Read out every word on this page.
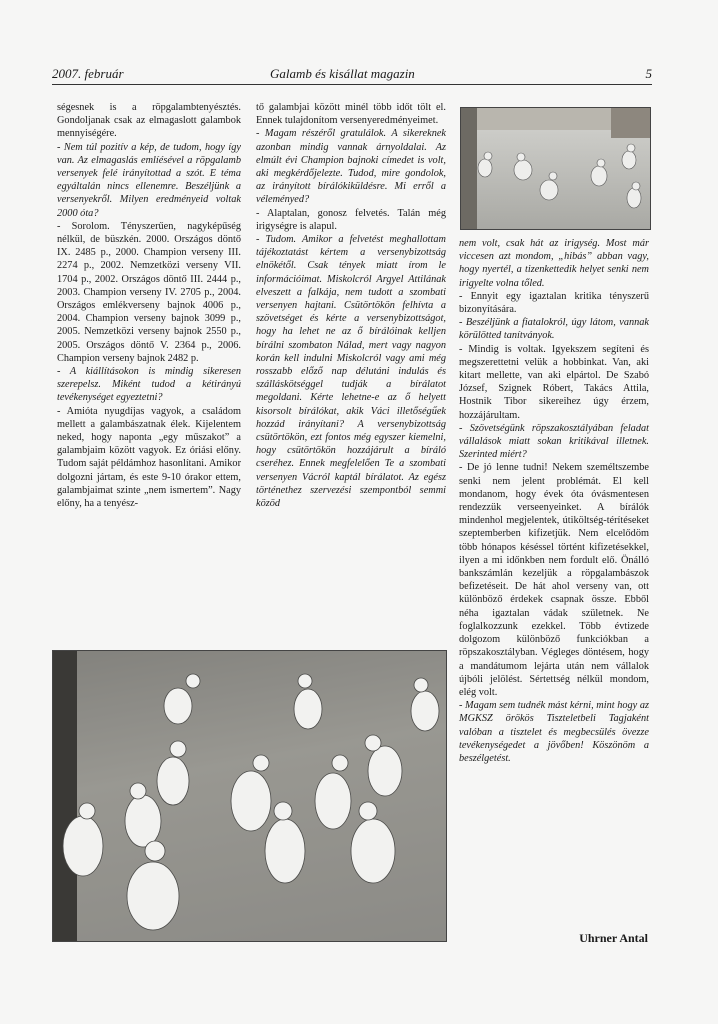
2007. február	Galamb és kisállat magazin	5

ségesnek is a röpgalambtenyésztés. Gondoljanak csak az elmagaslott galambok mennyiségére.

- Nem túl pozitív a kép, de tudom, hogy így van. Az elmagaslás emlíésével a röpgalamb versenyek felé irányítottad a szót. E téma egyáltalán nincs ellenemre. Beszéljünk a versenyekről. Milyen eredményeid voltak 2000 óta?

- Sorolom. Tényszerűen, nagyképűség nélkül, de büszkén. 2000. Országos döntő IX. 2485 p., 2000. Champion verseny III. 2274 p., 2002. Nemzetközi verseny VII. 1704 p., 2002. Országos döntő III. 2444 p., 2003. Champion verseny IV. 2705 p., 2004. Országos emlékverseny bajnok 4006 p., 2004. Champion verseny bajnok 3099 p., 2005. Nemzetközi verseny bajnok 2550 p., 2005. Országos döntő V. 2364 p., 2006. Champion verseny bajnok 2482 p.

- A kiállításokon is mindig sikeresen szerepelsz. Miként tudod a kétirányú tevékenységet egyeztetni?

- Amióta nyugdíjas vagyok, a családom mellett a galambászatnak élek. Kijelentem neked, hogy naponta „egy műszakot” a galambjaim között vagyok. Ez óriási előny. Tudom saját példámhoz hasonlítani. Amikor dolgozni jártam, és este 9-10 órakor ettem, galambjaimat szinte „nem ismertem”. Nagy előny, ha a tenyész-

tő galambjai között minél több időt tölt el. Ennek tulajdonítom versenyeredményeimet.

- Magam részéről gratulálok. A sikereknek azonban mindig vannak árnyoldalai. Az elmúlt évi Champion bajnoki címedet is volt, aki megkérdőjelezte. Tudod, mire gondolok, az irányított bírálókiküldésre. Mi erről a véleményed?

- Alaptalan, gonosz felvetés. Talán még irigységre is alapul.

- Tudom. Amikor a felvetést meghallottam tájékoztatást kértem a versenybizottság elnökétől. Csak tények miatt írom le információimat. Miskolcról Argyel Attilának elveszett a falkája, nem tudott a szombati versenyen hajtani. Csütörtökön felhívta a szövetséget és kérte a versenybizottságot, hogy ha lehet ne az ő bírálóinak kelljen bírálni szombaton Nálad, mert vagy nagyon korán kell indulni Miskolcról vagy ami még rosszabb előző nap délutáni indulás és szálláskötséggel tudják a bírálatot megoldani. Kérte lehetne-e az ő helyett kisorsolt bírálókat, akik Váci illetőségűek hozzád irányítani? A versenybizottság csütörtökön, ezt fontos még egyszer kiemelni, hogy csütörtökön hozzájárult a bíráló cseréhez. Ennek megfelelően Te a szombati versenyen Vácról kaptál bírálatot. Az egész történethez szervezési szempontból semmi közöd

nem volt, csak hát az irigység. Most már viccesen azt mondom, „hibás” abban vagy, hogy nyertél, a tizenkettedik helyet senki nem irigyelte volna tőled.

- Ennyit egy igaztalan kritika tényszerű bizonyítására.

- Beszéljünk a fiatalokról, úgy látom, vannak körülötted tanítványok.

- Mindig is voltak. Igyekszem segíteni és megszerettetni velük a hobbinkat. Van, aki kitart mellette, van aki elpártol. De Szabó József, Szignek Róbert, Takács Attila, Hostnik Tibor sikereihez úgy érzem, hozzájárultam.

- Szövetségünk röpszakosztályában feladat vállalások miatt sokan kritikával illetnek. Szerinted miért?

- De jó lenne tudni! Nekem személtszembe senki nem jelent problémát. El kell mondanom, hogy évek óta óvásmentesen rendezzük verseenyeinket. A bírálók mindenhol megjelentek, útiköltség-térítéseket szeptemberben kifizetjük. Nem elcelődöm több hónapos késéssel történt kifizetésekkel, ilyen a mi időnkben nem fordult elő. Önálló bankszámlán kezeljük a röpgalambászok befizetéseit. De hát ahol verseny van, ott különböző érdekek csapnak össze. Ebből néha igaztalan vádak születnek. Ne foglalkozzunk ezekkel. Több évtizede dolgozom különböző funkciókban a röpszakosztályban. Végleges döntésem, hogy a mandátumom lejárta után nem vállalok újbóli jelölést. Sértettség nélkül mondom, elég volt.

- Magam sem tudnék mást kérni, mint hogy az MGKSZ örökös Tiszteletbeli Tagjaként valóban a tisztelet és megbecsülés övezze tevékenységedet a jövőben! Köszönöm a beszélgetést.

Uhrner Antal
